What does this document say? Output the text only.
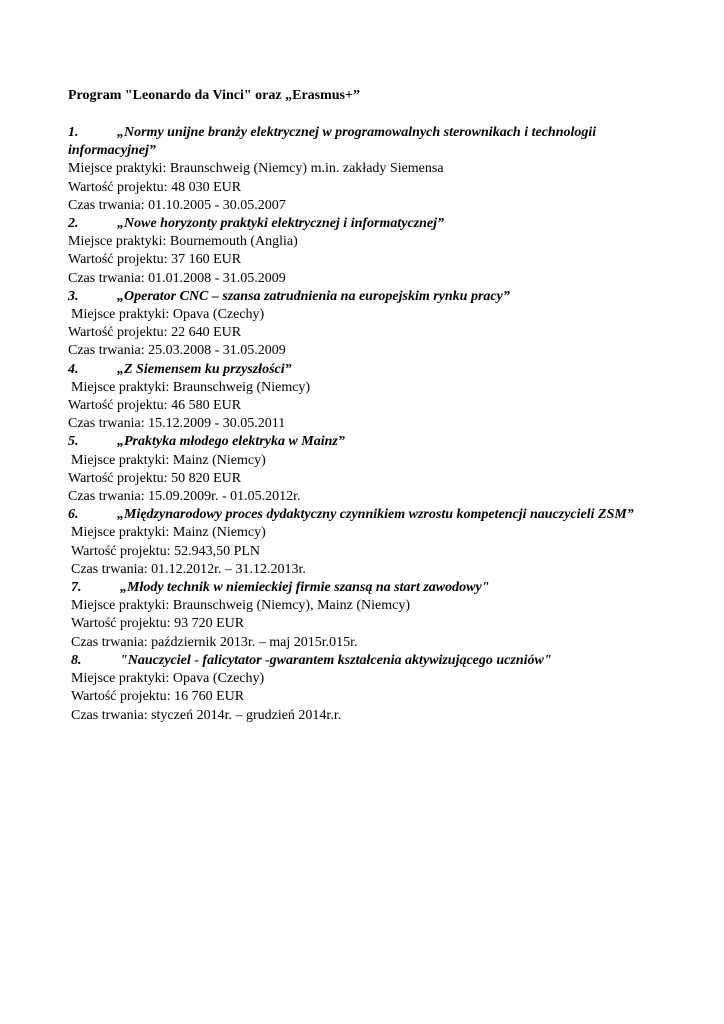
Program "Leonardo da Vinci" oraz „Erasmus+”
1.	„Normy unijne branży elektrycznej w programowalnych sterownikach i technologii informacyjnej”
Miejsce praktyki: Braunschweig (Niemcy) m.in. zakłady Siemensa
Wartość projektu: 48 030 EUR
Czas trwania: 01.10.2005 - 30.05.2007
2.	„Nowe horyzonty praktyki elektrycznej i informatycznej”
Miejsce praktyki: Bournemouth (Anglia)
Wartość projektu: 37 160 EUR
Czas trwania: 01.01.2008 - 31.05.2009
3.	„Operator CNC – szansa zatrudnienia na europejskim rynku pracy”
Miejsce praktyki: Opava (Czechy)
Wartość projektu: 22 640 EUR
Czas trwania: 25.03.2008 - 31.05.2009
4.	„Z Siemensem ku przyszłości”
Miejsce praktyki: Braunschweig (Niemcy)
Wartość projektu: 46 580 EUR
Czas trwania: 15.12.2009 - 30.05.2011
5.	„Praktyka młodego elektryka w Mainz”
Miejsce praktyki: Mainz (Niemcy)
Wartość projektu: 50 820 EUR
Czas trwania: 15.09.2009r. - 01.05.2012r.
6.	„Międzynarodowy proces dydaktyczny czynnikiem wzrostu kompetencji nauczycieli ZSM”
Miejsce praktyki: Mainz (Niemcy)
Wartość projektu: 52.943,50 PLN
Czas trwania: 01.12.2012r. – 31.12.2013r.
7.	„Młody technik w niemieckiej firmie szansą na start zawodowy"
Miejsce praktyki: Braunschweig (Niemcy), Mainz (Niemcy)
Wartość projektu: 93 720 EUR
Czas trwania: październik 2013r. – maj 2015r.015r.
8.	"Nauczyciel - falicytator -gwarantem kształcenia aktywizującego uczniów"
Miejsce praktyki: Opava (Czechy)
Wartość projektu: 16 760 EUR
Czas trwania: styczeń 2014r. – grudzień 2014r.r.
